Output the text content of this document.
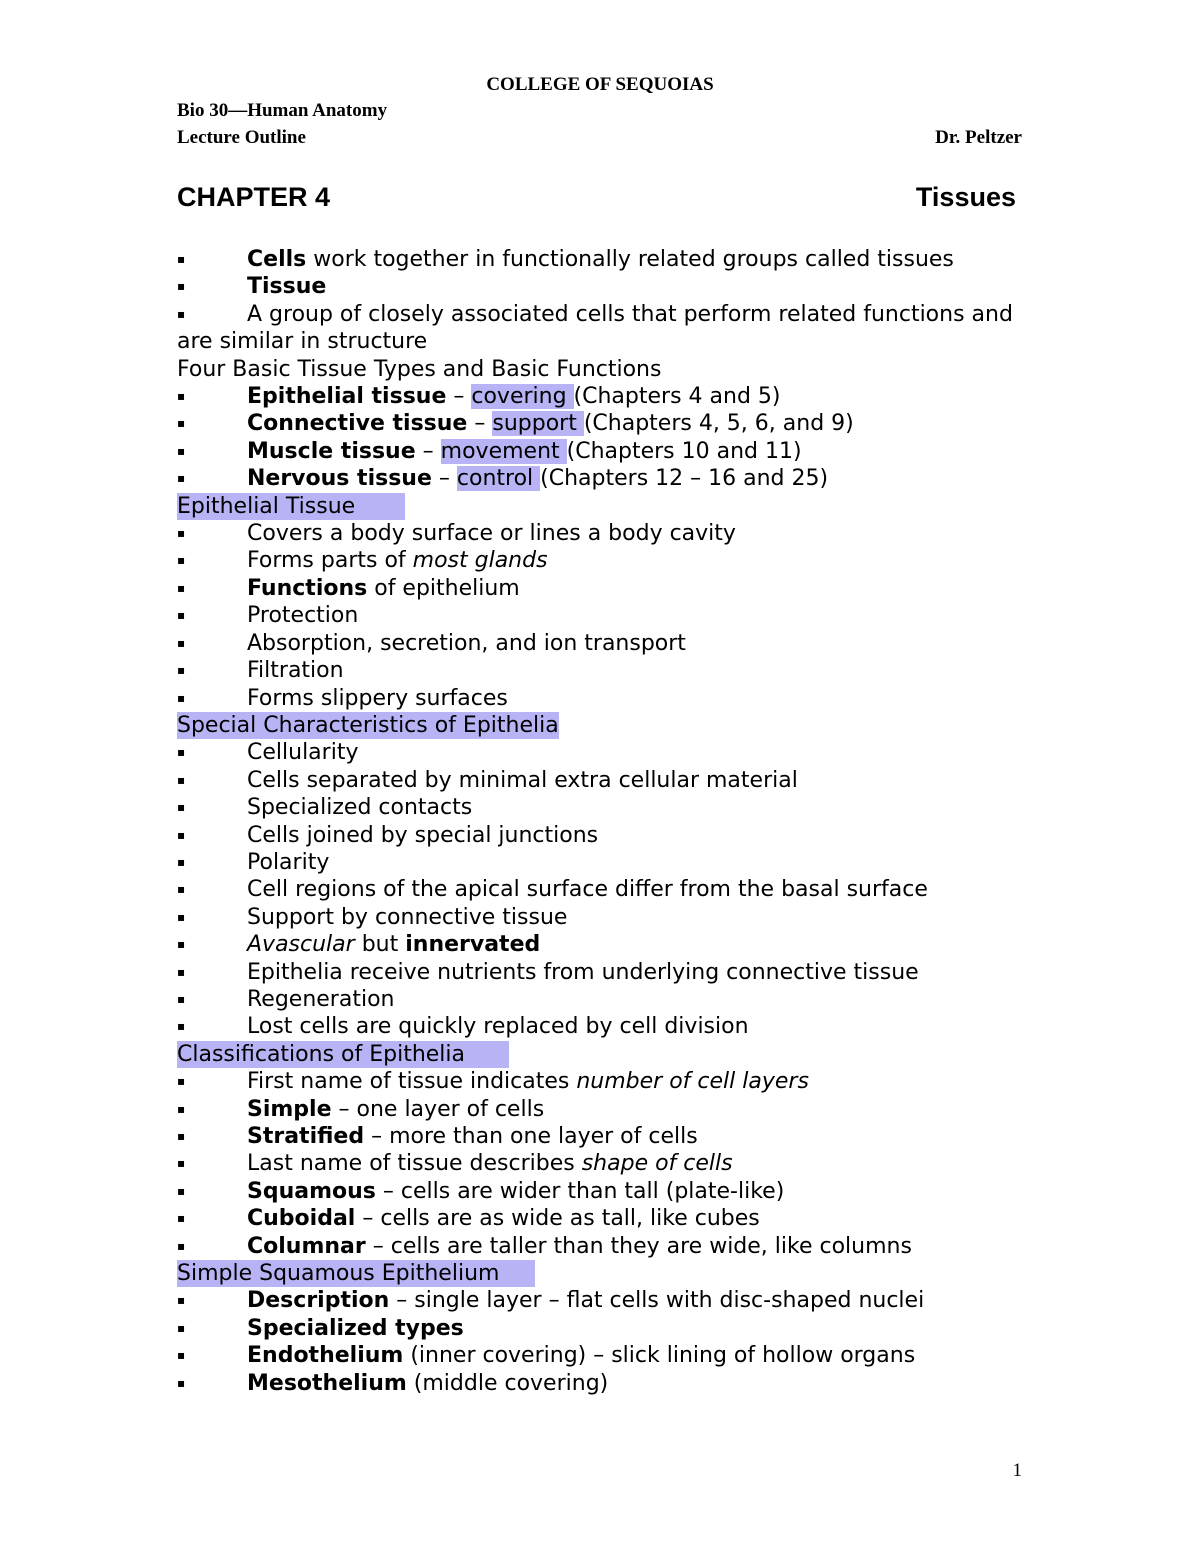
COLLEGE OF SEQUOIAS
Bio 30—Human Anatomy
Lecture Outline	Dr. Peltzer
CHAPTER 4	Tissues
▪	Cells work together in functionally related groups called tissues
▪	Tissue
▪	A group of closely associated cells that perform related functions and are similar in structure
Four Basic Tissue Types and Basic Functions
▪	Epithelial tissue – covering (Chapters 4 and 5)
▪	Connective tissue – support (Chapters 4, 5, 6, and 9)
▪	Muscle tissue – movement (Chapters 10 and 11)
▪	Nervous tissue – control (Chapters 12 – 16 and 25)
Epithelial Tissue
▪	Covers a body surface or lines a body cavity
▪	Forms parts of most glands
▪	Functions of epithelium
▪	Protection
▪	Absorption, secretion, and ion transport
▪	Filtration
▪	Forms slippery surfaces
Special Characteristics of Epithelia
▪	Cellularity
▪	Cells separated by minimal extra cellular material
▪	Specialized contacts
▪	Cells joined by special junctions
▪	Polarity
▪	Cell regions of the apical surface differ from the basal surface
▪	Support by connective tissue
▪	Avascular but innervated
▪	Epithelia receive nutrients from underlying connective tissue
▪	Regeneration
▪	Lost cells are quickly replaced by cell division
Classifications of Epithelia
▪	First name of tissue indicates number of cell layers
▪	Simple – one layer of cells
▪	Stratified – more than one layer of cells
▪	Last name of tissue describes shape of cells
▪	Squamous – cells are wider than tall (plate-like)
▪	Cuboidal – cells are as wide as tall, like cubes
▪	Columnar – cells are taller than they are wide, like columns
Simple Squamous Epithelium
▪	Description – single layer – flat cells with disc-shaped nuclei
▪	Specialized types
▪	Endothelium (inner covering) – slick lining of hollow organs
▪	Mesothelium (middle covering)
1
